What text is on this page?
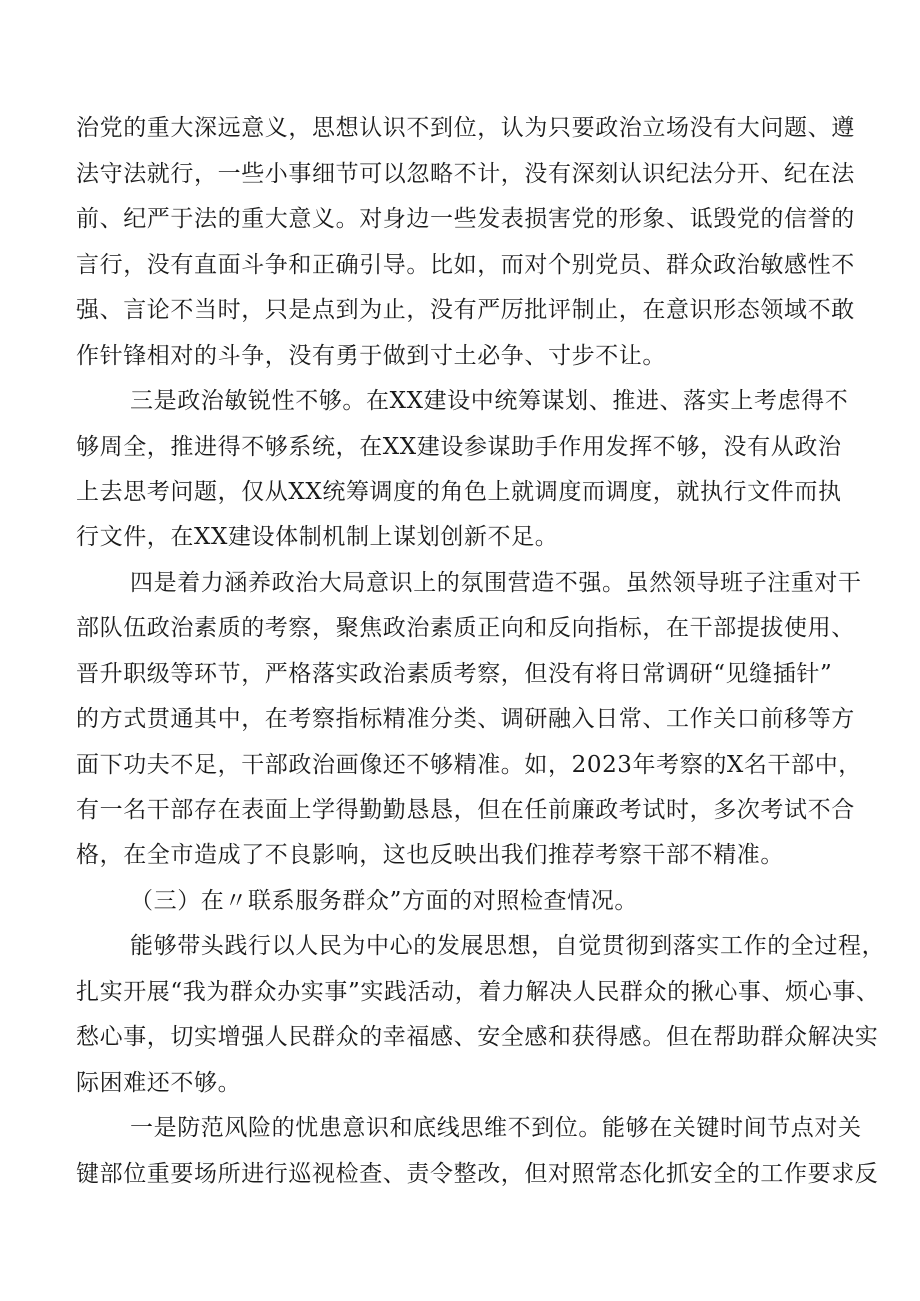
治党的重大深远意义，思想认识不到位，认为只要政治立场没有大问题、遵

法守法就行，一些小事细节可以忽略不计，没有深刻认识纪法分开、纪在法

前、纪严于法的重大意义。对身边一些发表损害党的形象、诋毁党的信誉的

言行，没有直面斗争和正确引导。比如，而对个别党员、群众政治敏感性不

强、言论不当时，只是点到为止，没有严厉批评制止，在意识形态领域不敢

作针锋相对的斗争，没有勇于做到寸土必争、寸步不让。

三是政治敏锐性不够。在XX建设中统筹谋划、推进、落实上考虑得不

够周全，推进得不够系统，在XX建设参谋助手作用发挥不够，没有从政治

上去思考问题，仅从XX统筹调度的角色上就调度而调度，就执行文件而执

行文件，在XX建设体制机制上谋划创新不足。

四是着力涵养政治大局意识上的氛围营造不强。虽然领导班子注重对干

部队伍政治素质的考察，聚焦政治素质正向和反向指标，在干部提拔使用、

晋升职级等环节，严格落实政治素质考察，但没有将日常调研“见缝插针”

的方式贯通其中，在考察指标精准分类、调研融入日常、工作关口前移等方

面下功夫不足，干部政治画像还不够精准。如，2023年考察的X名干部中，

有一名干部存在表面上学得勤勤恳恳，但在任前廉政考试时，多次考试不合

格，在全市造成了不良影响，这也反映出我们推荐考察干部不精准。

（三）在〃联系服务群众”方面的对照检查情况。

能够带头践行以人民为中心的发展思想，自觉贯彻到落实工作的全过程，

扎实开展“我为群众办实事”实践活动，着力解决人民群众的揪心事、烦心事、

愁心事，切实增强人民群众的幸福感、安全感和获得感。但在帮助群众解决实

际困难还不够。

一是防范风险的忧患意识和底线思维不到位。能够在关键时间节点对关

键部位重要场所进行巡视检查、责令整改，但对照常态化抓安全的工作要求反
